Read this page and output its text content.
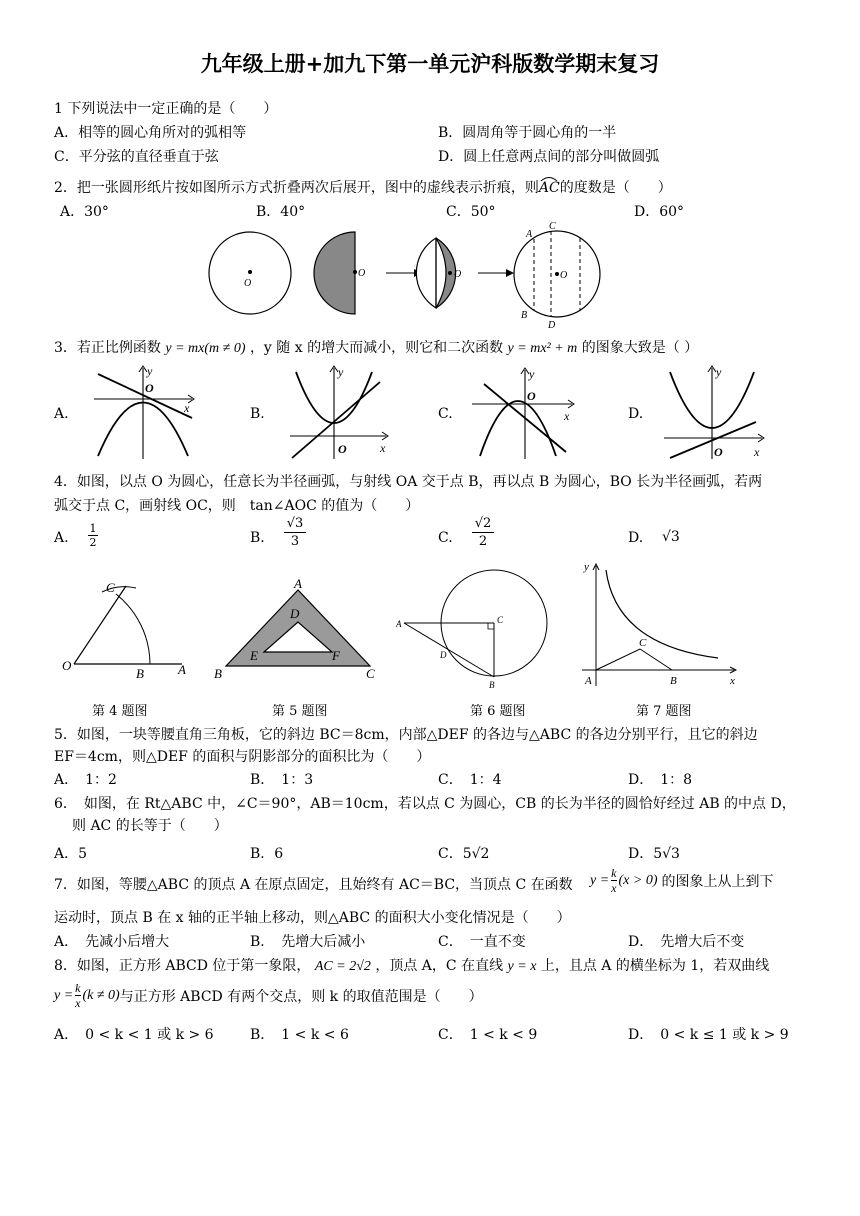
九年级上册+加九下第一单元沪科版数学期末复习
1 下列说法中一定正确的是（　　）
A．相等的圆心角所对的弧相等	B．圆周角等于圆心角的一半
C．平分弦的直径垂直于弦	D．圆上任意两点间的部分叫做圆弧
2．把一张圆形纸片按如图所示方式折叠两次后展开，图中的虚线表示折痕，则AC
的度数是（　　）
A．30°	B．40°	C．50°	D．60°
O
O	O	O
A
C
B
D
3．若正比例函数 y = mx(m ≠ 0) ，y 随 x 的增大而减小，则它和二次函数 y = mx² + m 的图象大致是（ ）
A.	x
y
O
B.
x
y
O
C.	x
y
O
D.
x
y
O
4．如图，以点 O 为圆心，任意长为半径画弧，与射线 OA 交于点 B，再以点 B 为圆心，BO 长为半径画弧，若两
弧交于点 C，画射线 OC，则　tan∠AOC 的值为（　　）
A.
1
2	B.
√3
3	C.
√2
2	D. √3
O
B	A
C
第 4 题图
A
B	C
D
E	F
第 5 题图
A	C
D
B
第 6 题图
y
x
A	B
C
第 7 题图
5．如图，一块等腰直角三角板，它的斜边 BC＝8cm，内部△DEF 的各边与△ABC 的各边分别平行，且它的斜边
EF＝4cm，则△DEF 的面积与阴影部分的面积比为（　　）
A．　1：2	B．　1：3	C．　1：4	D．　1：8
6．　如图，在 Rt△ABC 中，∠C＝90°，AB＝10cm，若以点 C 为圆心，CB 的长为半径的圆恰好经过 AB 的中点 D，
则 AC 的长等于（　　）
A．5	B．6	C．5√2	D．5√3
7．如图，等腰△ABC 的顶点 A 在原点固定，且始终有 AC＝BC，当顶点 C 在函数 $y = \frac{k}{x} (x > 0)$ 的图象上从上到下
运动时，顶点 B 在 x 轴的正半轴上移动，则△ABC 的面积大小变化情况是（　　）
A．　先减小后增大	B．　先增大后减小	C．　一直不变	D．　先增大后不变
8．如图，正方形 ABCD 位于第一象限， AC = 2√2 ，顶点 A，C 在直线 y = x 上，且点 A 的横坐标为 1，若双曲线
$y = \frac{k}{x} (k \ne 0)$ 与正方形 ABCD 有两个交点，则 k 的取值范围是（　　）
A．　0 < k < 1 或 k > 6	B．　1 < k < 6	C．　1 < k < 9	D．　0 < k ≤ 1 或 k > 9
